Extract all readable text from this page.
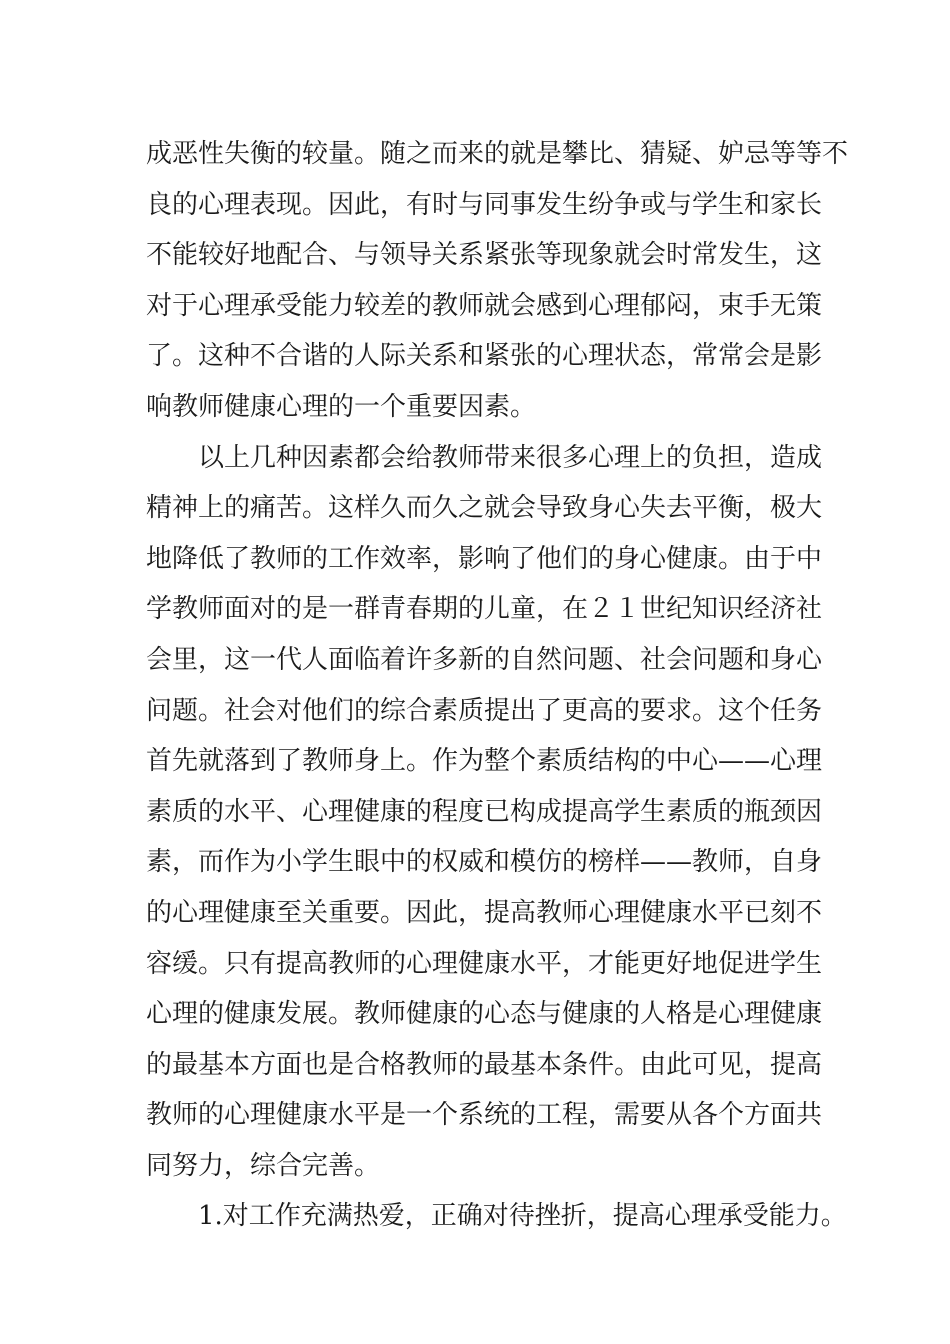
成恶性失衡的较量。随之而来的就是攀比、猜疑、妒忌等等不
良的心理表现。因此，有时与同事发生纷争或与学生和家长
不能较好地配合、与领导关系紧张等现象就会时常发生，这
对于心理承受能力较差的教师就会感到心理郁闷，束手无策
了。这种不合谐的人际关系和紧张的心理状态，常常会是影
响教师健康心理的一个重要因素。
以上几种因素都会给教师带来很多心理上的负担，造成
精神上的痛苦。这样久而久之就会导致身心失去平衡，极大
地降低了教师的工作效率，影响了他们的身心健康。由于中
学教师面对的是一群青春期的儿童，在２１世纪知识经济社
会里，这一代人面临着许多新的自然问题、社会问题和身心
问题。社会对他们的综合素质提出了更高的要求。这个任务
首先就落到了教师身上。作为整个素质结构的中心——心理
素质的水平、心理健康的程度已构成提高学生素质的瓶颈因
素，而作为小学生眼中的权威和模仿的榜样——教师，自身
的心理健康至关重要。因此，提高教师心理健康水平已刻不
容缓。只有提高教师的心理健康水平，才能更好地促进学生
心理的健康发展。教师健康的心态与健康的人格是心理健康
的最基本方面也是合格教师的最基本条件。由此可见，提高
教师的心理健康水平是一个系统的工程，需要从各个方面共
同努力，综合完善。
1.对工作充满热爱，正确对待挫折，提高心理承受能力。
